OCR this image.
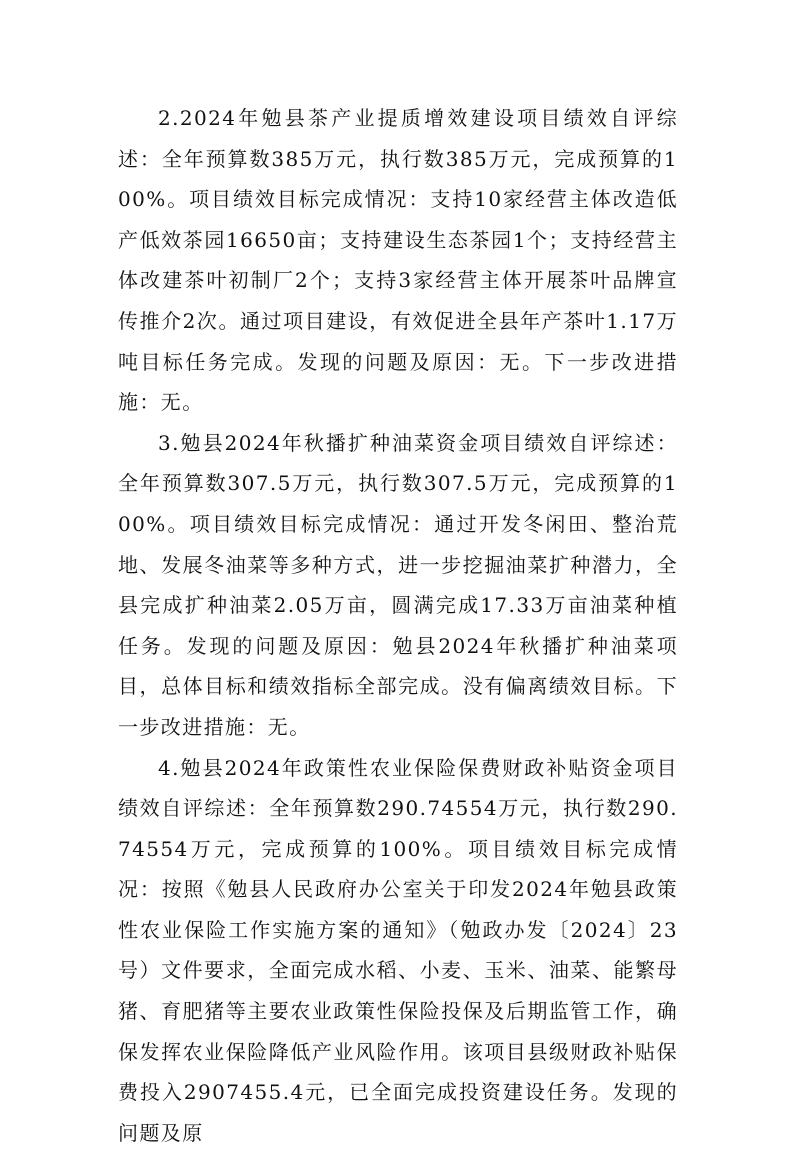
2.2024年勉县茶产业提质增效建设项目绩效自评综述：全年预算数385万元，执行数385万元，完成预算的100%。项目绩效目标完成情况：支持10家经营主体改造低产低效茶园16650亩；支持建设生态茶园1个；支持经营主体改建茶叶初制厂2个；支持3家经营主体开展茶叶品牌宣传推介2次。通过项目建设，有效促进全县年产茶叶1.17万吨目标任务完成。发现的问题及原因：无。下一步改进措施：无。

3.勉县2024年秋播扩种油菜资金项目绩效自评综述：全年预算数307.5万元，执行数307.5万元，完成预算的100%。项目绩效目标完成情况：通过开发冬闲田、整治荒地、发展冬油菜等多种方式，进一步挖掘油菜扩种潜力，全县完成扩种油菜2.05万亩，圆满完成17.33万亩油菜种植任务。发现的问题及原因：勉县2024年秋播扩种油菜项目，总体目标和绩效指标全部完成。没有偏离绩效目标。下一步改进措施：无。

4.勉县2024年政策性农业保险保费财政补贴资金项目绩效自评综述：全年预算数290.74554万元，执行数290.74554万元，完成预算的100%。项目绩效目标完成情况：按照《勉县人民政府办公室关于印发2024年勉县政策性农业保险工作实施方案的通知》（勉政办发〔2024〕23号）文件要求，全面完成水稻、小麦、玉米、油菜、能繁母猪、育肥猪等主要农业政策性保险投保及后期监管工作，确保发挥农业保险降低产业风险作用。该项目县级财政补贴保费投入2907455.4元，已全面完成投资建设任务。发现的问题及原
